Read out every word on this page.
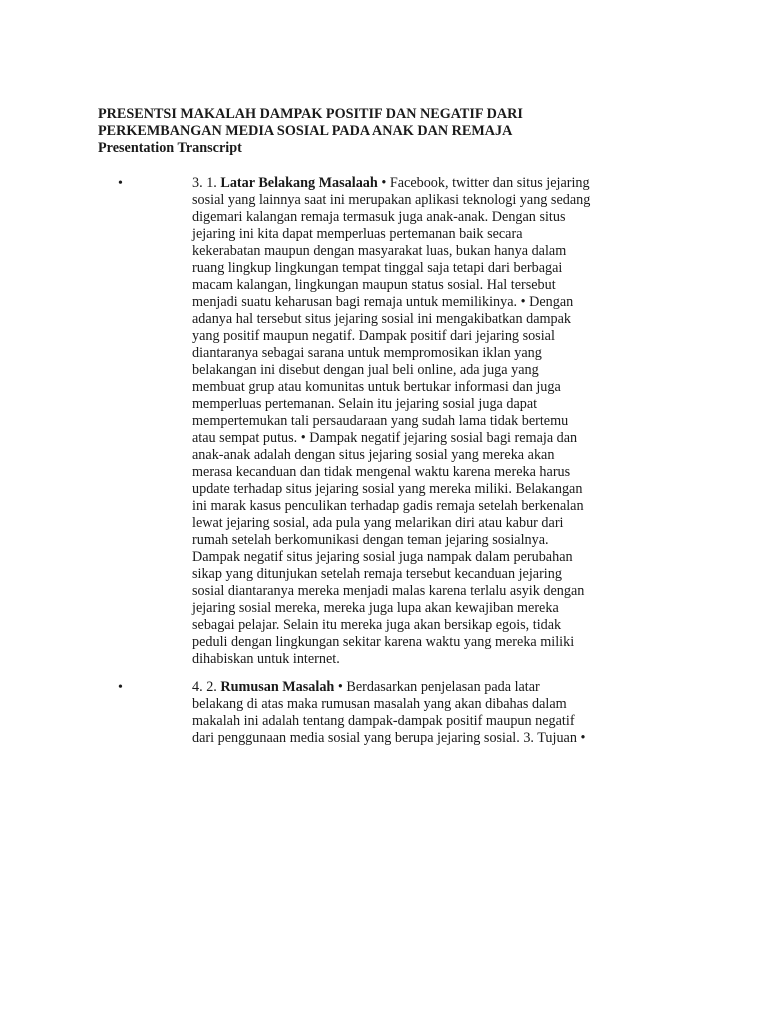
PRESENTSI MAKALAH DAMPAK POSITIF DAN NEGATIF DARI
PERKEMBANGAN MEDIA SOSIAL PADA ANAK DAN REMAJA

Presentation Transcript

•	3. 1. Latar Belakang Masalaah • Facebook, twitter dan situs jejaring
sosial yang lainnya saat ini merupakan aplikasi teknologi yang sedang
digemari kalangan remaja termasuk juga anak-anak. Dengan situs
jejaring ini kita dapat memperluas pertemanan baik secara
kekerabatan maupun dengan masyarakat luas, bukan hanya dalam
ruang lingkup lingkungan tempat tinggal saja tetapi dari berbagai
macam kalangan, lingkungan maupun status sosial. Hal tersebut
menjadi suatu keharusan bagi remaja untuk memilikinya. • Dengan
adanya hal tersebut situs jejaring sosial ini mengakibatkan dampak
yang positif maupun negatif. Dampak positif dari jejaring sosial
diantaranya sebagai sarana untuk mempromosikan iklan yang
belakangan ini disebut dengan jual beli online, ada juga yang
membuat grup atau komunitas untuk bertukar informasi dan juga
memperluas pertemanan. Selain itu jejaring sosial juga dapat
mempertemukan tali persaudaraan yang sudah lama tidak bertemu
atau sempat putus. • Dampak negatif jejaring sosial bagi remaja dan
anak-anak adalah dengan situs jejaring sosial yang mereka akan
merasa kecanduan dan tidak mengenal waktu karena mereka harus
update terhadap situs jejaring sosial yang mereka miliki. Belakangan
ini marak kasus penculikan terhadap gadis remaja setelah berkenalan
lewat jejaring sosial, ada pula yang melarikan diri atau kabur dari
rumah setelah berkomunikasi dengan teman jejaring sosialnya.
Dampak negatif situs jejaring sosial juga nampak dalam perubahan
sikap yang ditunjukan setelah remaja tersebut kecanduan jejaring
sosial diantaranya mereka menjadi malas karena terlalu asyik dengan
jejaring sosial mereka, mereka juga lupa akan kewajiban mereka
sebagai pelajar. Selain itu mereka juga akan bersikap egois, tidak
peduli dengan lingkungan sekitar karena waktu yang mereka miliki
dihabiskan untuk internet.
•	4. 2. Rumusan Masalah • Berdasarkan penjelasan pada latar
belakang di atas maka rumusan masalah yang akan dibahas dalam
makalah ini adalah tentang dampak-dampak positif maupun negatif
dari penggunaan media sosial yang berupa jejaring sosial. 3. Tujuan •
